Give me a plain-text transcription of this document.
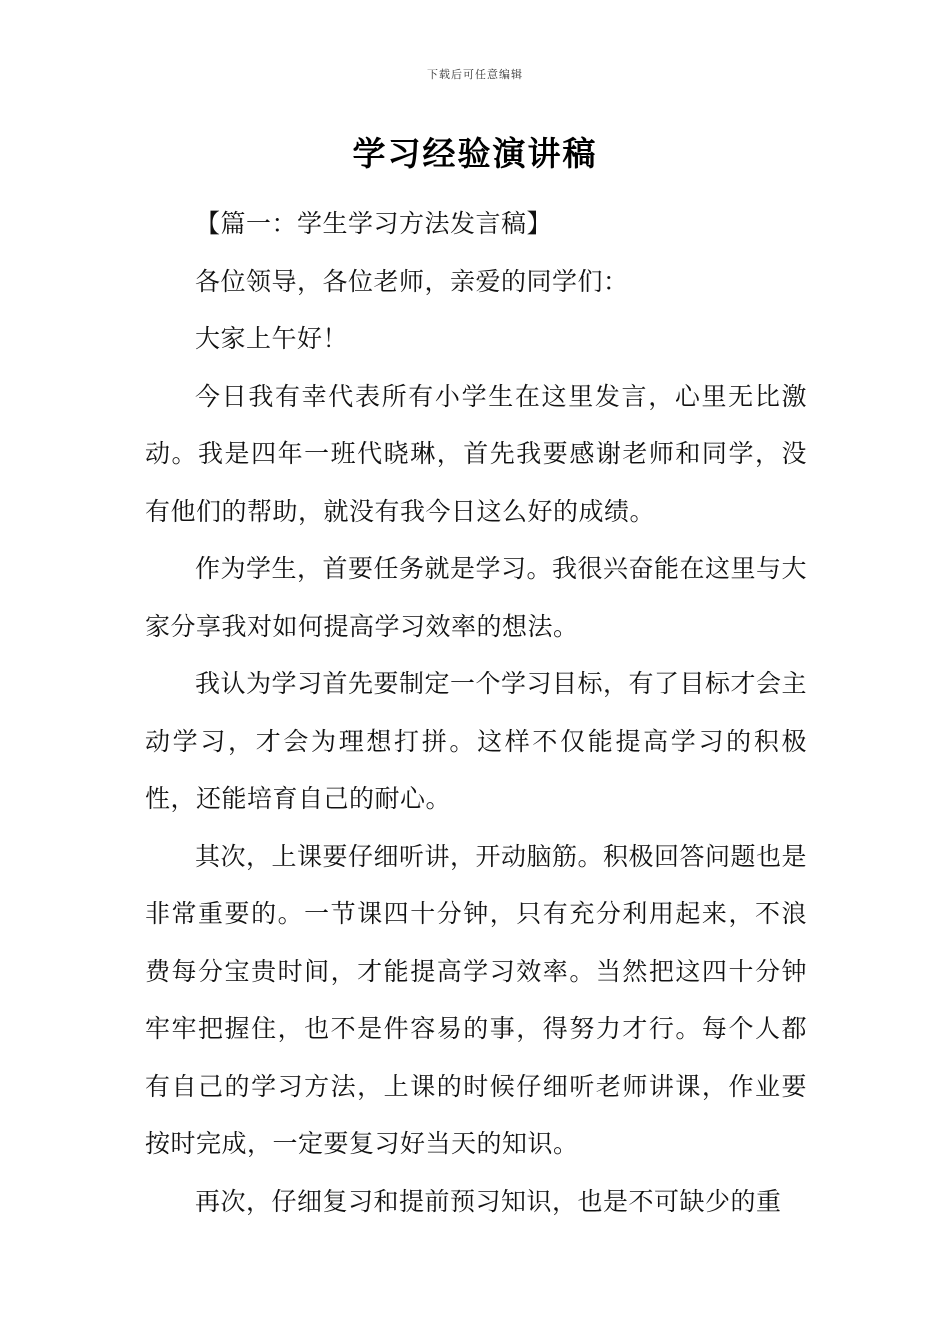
下载后可任意编辑
学习经验演讲稿

【篇一：学生学习方法发言稿】

各位领导，各位老师，亲爱的同学们：

大家上午好！

今日我有幸代表所有小学生在这里发言，心里无比激动。我是四年一班代晓琳，首先我要感谢老师和同学，没有他们的帮助，就没有我今日这么好的成绩。

作为学生，首要任务就是学习。我很兴奋能在这里与大家分享我对如何提高学习效率的想法。

我认为学习首先要制定一个学习目标，有了目标才会主动学习，才会为理想打拼。这样不仅能提高学习的积极性，还能培育自己的耐心。

其次，上课要仔细听讲，开动脑筋。积极回答问题也是非常重要的。一节课四十分钟，只有充分利用起来，不浪费每分宝贵时间，才能提高学习效率。当然把这四十分钟牢牢把握住，也不是件容易的事，得努力才行。每个人都有自己的学习方法，上课的时候仔细听老师讲课，作业要按时完成，一定要复习好当天的知识。

再次，仔细复习和提前预习知识，也是不可缺少的重
